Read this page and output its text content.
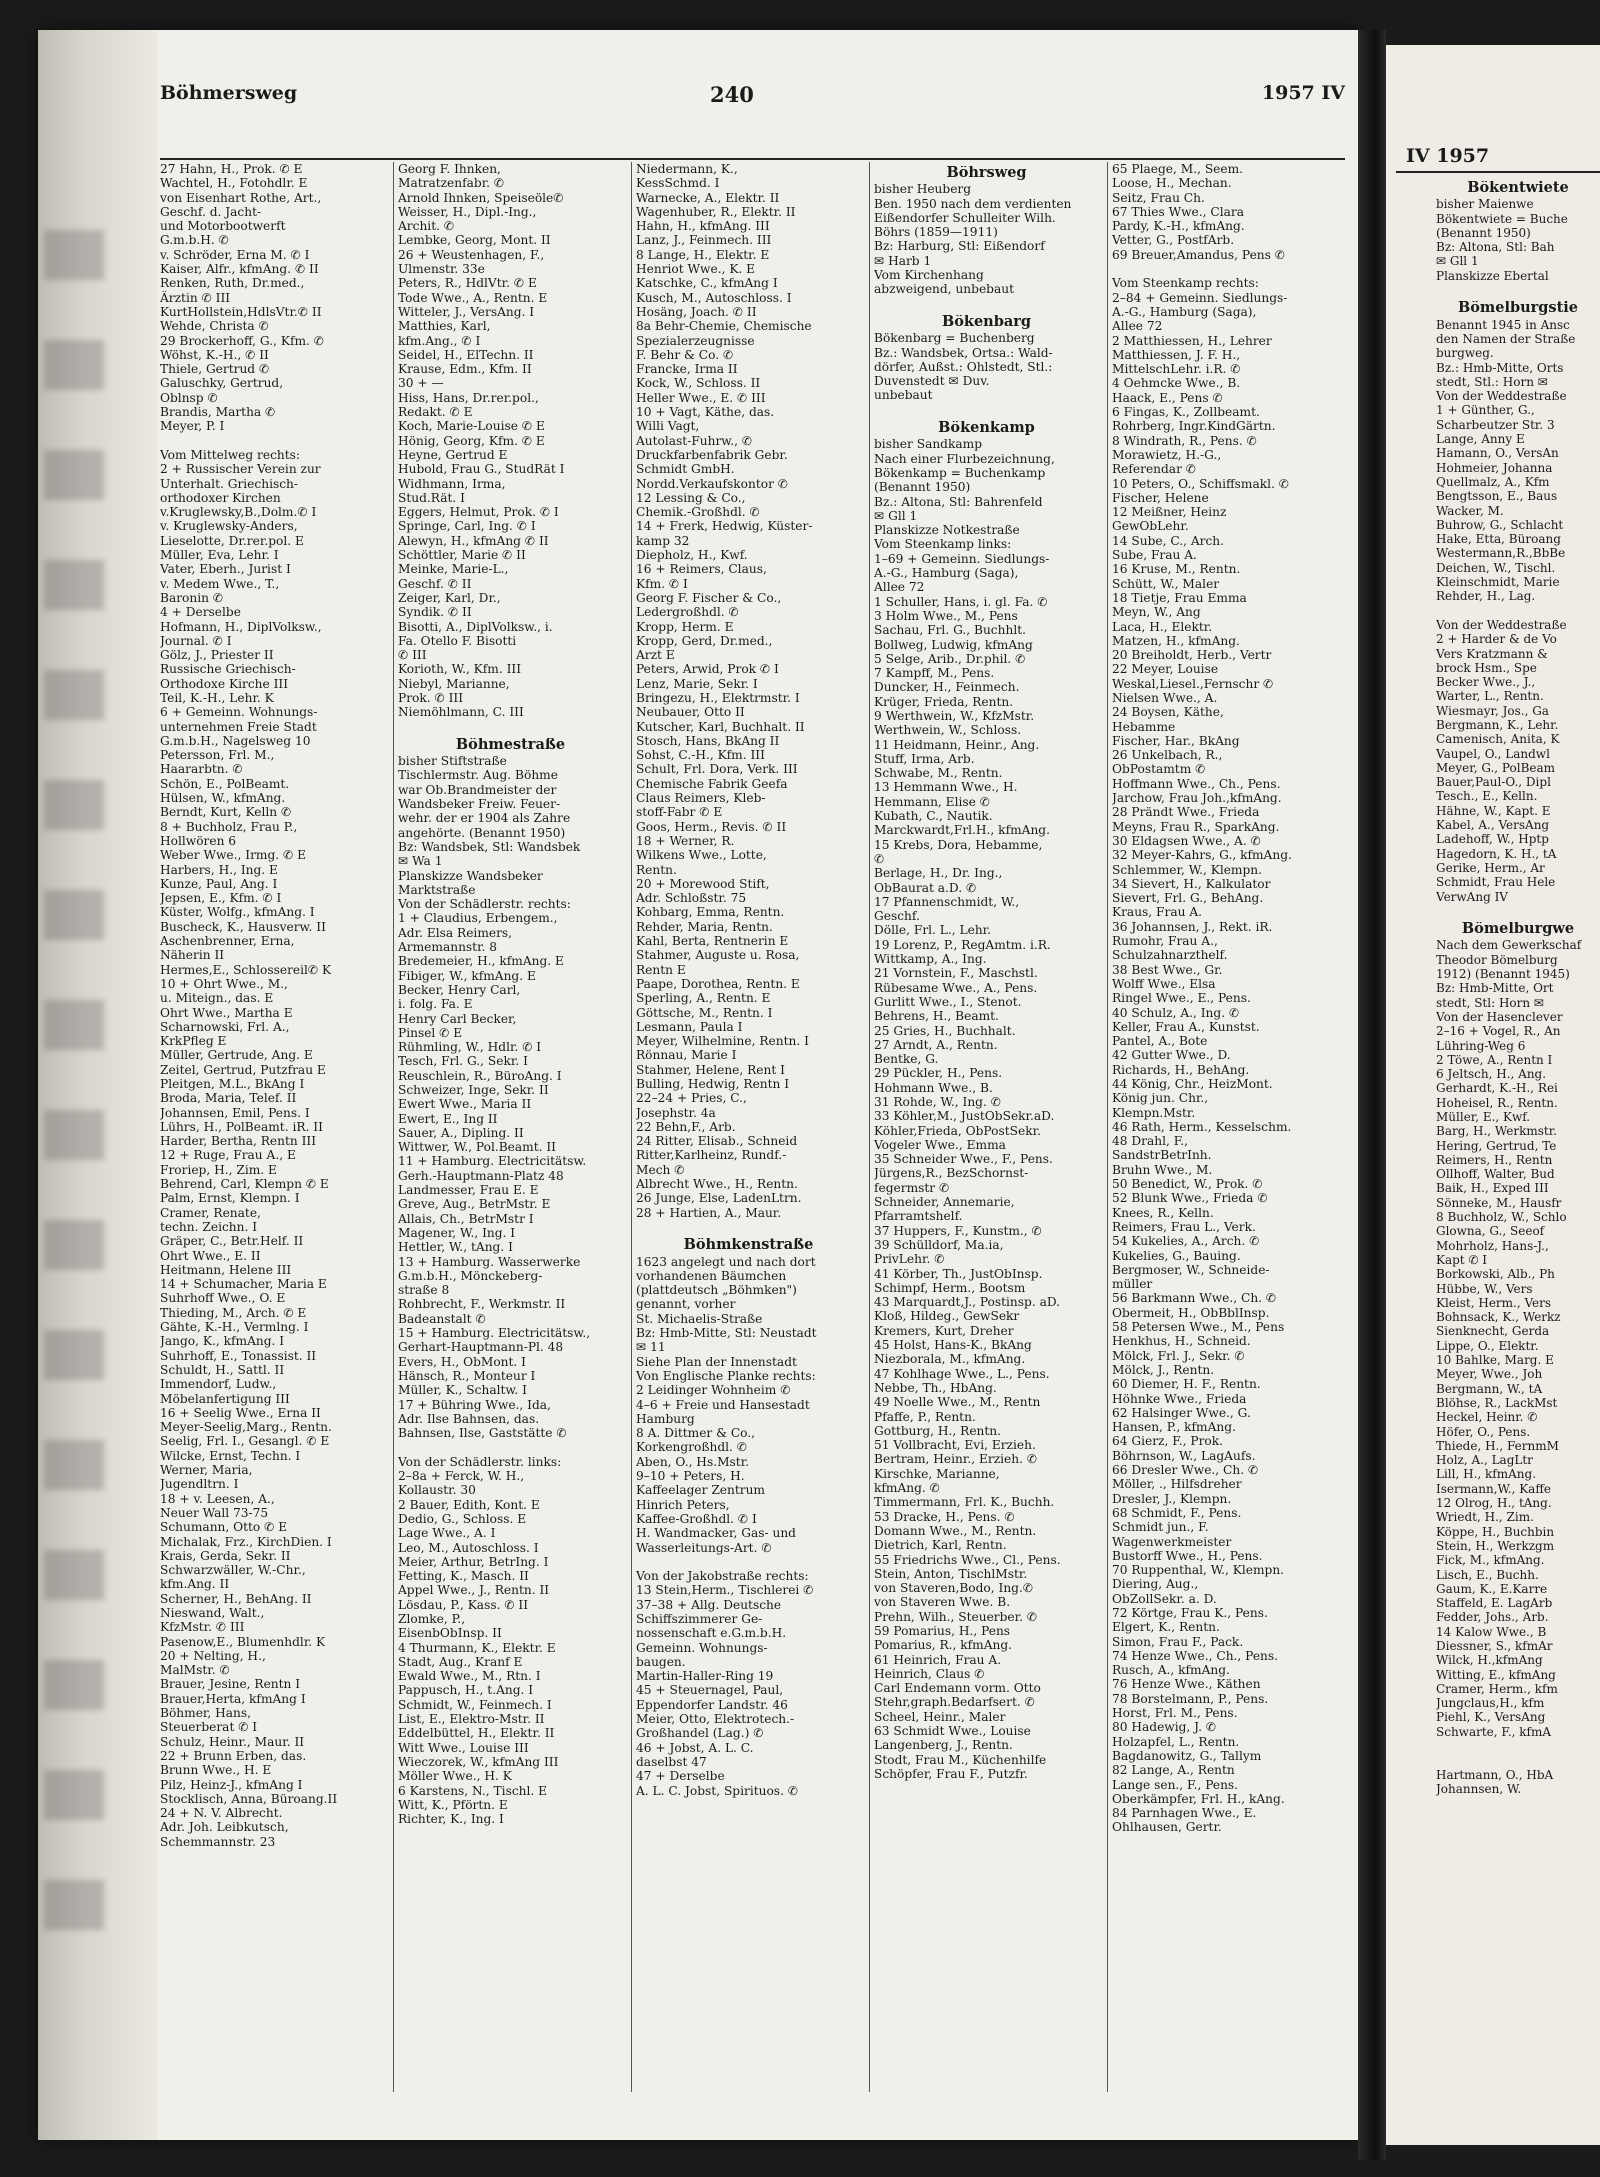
Böhmersweg	240	1957 IV
27 Hahn, H., Prok. ✆ E
Wachtel, H., Fotohdlr. E
von Eisenhart Rothe, Art.,
Geschf. d. Jacht-
und Motorbootwerft
G.m.b.H. ✆
v. Schröder, Erna M. ✆ I
Kaiser, Alfr., kfmAng. ✆ II
Renken, Ruth, Dr.med.,
Ärztin ✆ III
KurtHollstein,HdlsVtr.✆ II
Wehde, Christa ✆
29 Brockerhoff, G., Kfm. ✆
Wöhst, K.-H., ✆ II
Thiele, Gertrud ✆
Galuschky, Gertrud,
Oblnsp ✆
Brandis, Martha ✆
Meyer, P. I

Vom Mittelweg rechts:
2 + Russischer Verein zur
Unterhalt. Griechisch-
orthodoxer Kirchen
v.Kruglewsky,B.,Dolm.✆ I
v. Kruglewsky-Anders,
Lieselotte, Dr.rer.pol. E
Müller, Eva, Lehr. I
Vater, Eberh., Jurist I
v. Medem Wwe., T.,
Baronin ✆
4 + Derselbe
Hofmann, H., DiplVolksw.,
Journal. ✆ I
Gölz, J., Priester II
Russische Griechisch-
Orthodoxe Kirche III
Teil, K.-H., Lehr. K
6 + Gemeinn. Wohnungs-
unternehmen Freie Stadt
G.m.b.H., Nagelsweg 10
Petersson, Frl. M.,
Haararbtn. ✆
Schön, E., PolBeamt.
Hülsen, W., kfmAng.
Berndt, Kurt, Kelln ✆
8 + Buchholz, Frau P.,
Hollwören 6
Weber Wwe., Irmg. ✆ E
Harbers, H., Ing. E
Kunze, Paul, Ang. I
Jepsen, E., Kfm. ✆ I
Küster, Wolfg., kfmAng. I
Buscheck, K., Hausverw. II
Aschenbrenner, Erna,
Näherin II
Hermes,E., Schlossereil✆ K
10 + Ohrt Wwe., M.,
u. Miteign., das. E
Ohrt Wwe., Martha E
Scharnowski, Frl. A.,
KrkPfleg E
Müller, Gertrude, Ang. E
Zeitel, Gertrud, Putzfrau E
Pleitgen, M.L., BkAng I
Broda, Maria, Telef. II
Johannsen, Emil, Pens. I
Lührs, H., PolBeamt. iR. II
Harder, Bertha, Rentn III
12 + Ruge, Frau A., E
Froriep, H., Zim. E
Behrend, Carl, Klempn ✆ E
Palm, Ernst, Klempn. I
Cramer, Renate,
techn. Zeichn. I
Gräper, C., Betr.Helf. II
Ohrt Wwe., E. II
Heitmann, Helene III
14 + Schumacher, Maria E
Suhrhoff Wwe., O. E
Thieding, M., Arch. ✆ E
Gähte, K.-H., Vermlng. I
Jango, K., kfmAng. I
Suhrhoff, E., Tonassist. II
Schuldt, H., Sattl. II
Immendorf, Ludw.,
Möbelanfertigung III
16 + Seelig Wwe., Erna II
Meyer-Seelig,Marg., Rentn.
Seelig, Frl. I., Gesangl. ✆ E
Wilcke, Ernst, Techn. I
Werner, Maria,
Jugendltrn. I
18 + v. Leesen, A.,
Neuer Wall 73-75
Schumann, Otto ✆ E
Michalak, Frz., KirchDien. I
Krais, Gerda, Sekr. II
Schwarzwäller, W.-Chr.,
kfm.Ang. II
Scherner, H., BehAng. II
Nieswand, Walt.,
KfzMstr. ✆ III
Pasenow,E., Blumenhdlr. K
20 + Nelting, H.,
MalMstr. ✆
Brauer, Jesine, Rentn I
Brauer,Herta, kfmAng I
Böhmer, Hans,
Steuerberat ✆ I
Schulz, Heinr., Maur. II
22 + Brunn Erben, das.
Brunn Wwe., H. E
Pilz, Heinz-J., kfmAng I
Stocklisch, Anna, Büroang.II
24 + N. V. Albrecht.
Adr. Joh. Leibkutsch,
Schemmannstr. 23
Georg F. Ihnken,
Matratzenfabr. ✆
Arnold Ihnken, Speiseöle✆
Weisser, H., Dipl.-Ing.,
Archit. ✆
Lembke, Georg, Mont. II
26 + Weustenhagen, F.,
Ulmenstr. 33e
Peters, R., HdlVtr. ✆ E
Tode Wwe., A., Rentn. E
Witteler, J., VersAng. I
Matthies, Karl,
kfm.Ang., ✆ I
Seidel, H., ElTechn. II
Krause, Edm., Kfm. II
30 + —
Hiss, Hans, Dr.rer.pol.,
Redakt. ✆ E
Koch, Marie-Louise ✆ E
Hönig, Georg, Kfm. ✆ E
Heyne, Gertrud E
Hubold, Frau G., StudRät I
Widhmann, Irma,
Stud.Rät. I
Eggers, Helmut, Prok. ✆ I
Springe, Carl, Ing. ✆ I
Alewyn, H., kfmAng ✆ II
Schöttler, Marie ✆ II
Meinke, Marie-L.,
Geschf. ✆ II
Zeiger, Karl, Dr.,
Syndik. ✆ II
Bisotti, A., DiplVolksw., i.
Fa. Otello F. Bisotti
✆ III
Korioth, W., Kfm. III
Niebyl, Marianne,
Prok. ✆ III
Niemöhlmann, C. III

Böhmestraße
bisher Stiftstraße
Tischlermstr. Aug. Böhme
war Ob.Brandmeister der
Wandsbeker Freiw. Feuer-
wehr. der er 1904 als Zahre
angehörte. (Benannt 1950)
Bz: Wandsbek, Stl: Wandsbek
✉ Wa 1
Planskizze Wandsbeker
Marktstraße
Von der Schädlerstr. rechts:
1 + Claudius, Erbengem.,
Adr. Elsa Reimers,
Armemannstr. 8
Bredemeier, H., kfmAng. E
Fibiger, W., kfmAng. E
Becker, Henry Carl,
i. folg. Fa. E
Henry Carl Becker,
Pinsel ✆ E
Rühmling, W., Hdlr. ✆ I
Tesch, Frl. G., Sekr. I
Reuschlein, R., BüroAng. I
Schweizer, Inge, Sekr. II
Ewert Wwe., Maria II
Ewert, E., Ing II
Sauer, A., Dipling. II
Wittwer, W., Pol.Beamt. II
11 + Hamburg. Electricitätsw.
Gerh.-Hauptmann-Platz 48
Landmesser, Frau E. E
Greve, Aug., BetrMstr. E
Allais, Ch., BetrMstr I
Magener, W., Ing. I
Hettler, W., tAng. I
13 + Hamburg. Wasserwerke
G.m.b.H., Mönckeberg-
straße 8
Rohbrecht, F., Werkmstr. II
Badeanstalt ✆
15 + Hamburg. Electricitätsw.,
Gerhart-Hauptmann-Pl. 48
Evers, H., ObMont. I
Hänsch, R., Monteur I
Müller, K., Schaltw. I
17 + Bühring Wwe., Ida,
Adr. Ilse Bahnsen, das.
Bahnsen, Ilse, Gaststätte ✆

Von der Schädlerstr. links:
2–8a + Ferck, W. H.,
Kollaustr. 30
2 Bauer, Edith, Kont. E
Dedio, G., Schloss. E
Lage Wwe., A. I
Leo, M., Autoschloss. I
Meier, Arthur, BetrIng. I
Fetting, K., Masch. II
Appel Wwe., J., Rentn. II
Lösdau, P., Kass. ✆ II
Zlomke, P.,
EisenbObInsp. II
4 Thurmann, K., Elektr. E
Stadt, Aug., Kranf E
Ewald Wwe., M., Rtn. I
Pappusch, H., t.Ang. I
Schmidt, W., Feinmech. I
List, E., Elektro-Mstr. II
Eddelbüttel, H., Elektr. II
Witt Wwe., Louise III
Wieczorek, W., kfmAng III
Möller Wwe., H. K
6 Karstens, N., Tischl. E
Witt, K., Pförtn. E
Richter, K., Ing. I
Niedermann, K.,
KessSchmd. I
Warnecke, A., Elektr. II
Wagenhuber, R., Elektr. II
Hahn, H., kfmAng. III
Lanz, J., Feinmech. III
8 Lange, H., Elektr. E
Henriot Wwe., K. E
Katschke, C., kfmAng I
Kusch, M., Autoschloss. I
Hosäng, Joach. ✆ II
8a Behr-Chemie, Chemische
Spezialerzeugnisse
F. Behr & Co. ✆
Francke, Irma II
Kock, W., Schloss. II
Heller Wwe., E. ✆ III
10 + Vagt, Käthe, das.
Willi Vagt,
Autolast-Fuhrw., ✆
Druckfarbenfabrik Gebr.
Schmidt GmbH.
Nordd.Verkaufskontor ✆
12 Lessing & Co.,
Chemik.-Großhdl. ✆
14 + Frerk, Hedwig, Küster-
kamp 32
Diepholz, H., Kwf.
16 + Reimers, Claus,
Kfm. ✆ I
Georg F. Fischer & Co.,
Ledergroßhdl. ✆
Kropp, Herm. E
Kropp, Gerd, Dr.med.,
Arzt E
Peters, Arwid, Prok ✆ I
Lenz, Marie, Sekr. I
Bringezu, H., Elektrmstr. I
Neubauer, Otto II
Kutscher, Karl, Buchhalt. II
Stosch, Hans, BkAng II
Sohst, C.-H., Kfm. III
Schult, Frl. Dora, Verk. III
Chemische Fabrik Geefa
Claus Reimers, Kleb-
stoff-Fabr ✆ E
Goos, Herm., Revis. ✆ II
18 + Werner, R.
Wilkens Wwe., Lotte,
Rentn.
20 + Morewood Stift,
Adr. Schloßstr. 75
Kohbarg, Emma, Rentn.
Rehder, Maria, Rentn.
Kahl, Berta, Rentnerin E
Stahmer, Auguste u. Rosa,
Rentn E
Paape, Dorothea, Rentn. E
Sperling, A., Rentn. E
Göttsche, M., Rentn. I
Lesmann, Paula I
Meyer, Wilhelmine, Rentn. I
Rönnau, Marie I
Stahmer, Helene, Rent I
Bulling, Hedwig, Rentn I
22–24 + Pries, C.,
Josephstr. 4a
22 Behn,F., Arb.
24 Ritter, Elisab., Schneid
Ritter,Karlheinz, Rundf.-
Mech ✆
Albrecht Wwe., H., Rentn.
26 Junge, Else, LadenLtrn.
28 + Hartien, A., Maur.

Böhmkenstraße
1623 angelegt und nach dort
vorhandenen Bäumchen
(plattdeutsch „Böhmken")
genannt, vorher
St. Michaelis-Straße
Bz: Hmb-Mitte, Stl: Neustadt
✉ 11
Siehe Plan der Innenstadt
Von Englische Planke rechts:
2 Leidinger Wohnheim ✆
4–6 + Freie und Hansestadt
Hamburg
8 A. Dittmer & Co.,
Korkengroßhdl. ✆
Aben, O., Hs.Mstr.
9–10 + Peters, H.
Kaffeelager Zentrum
Hinrich Peters,
Kaffee-Großhdl. ✆ I
H. Wandmacker, Gas- und
Wasserleitungs-Art. ✆

Von der Jakobstraße rechts:
13 Stein,Herm., Tischlerei ✆
37–38 + Allg. Deutsche
Schiffszimmerer Ge-
nossenschaft e.G.m.b.H.
Gemeinn. Wohnungs-
baugen.
Martin-Haller-Ring 19
45 + Steuernagel, Paul,
Eppendorfer Landstr. 46
Meier, Otto, Elektrotech.-
Großhandel (Lag.) ✆
46 + Jobst, A. L. C.
daselbst 47
47 + Derselbe
A. L. C. Jobst, Spirituos. ✆
Böhrsweg
bisher Heuberg
Ben. 1950 nach dem verdienten
Eißendorfer Schulleiter Wilh.
Böhrs (1859—1911)
Bz: Harburg, Stl: Eißendorf
✉ Harb 1
Vom Kirchenhang
abzweigend, unbebaut

Bökenbarg
Bökenbarg = Buchenberg
Bz.: Wandsbek, Ortsa.: Wald-
dörfer, Außst.: Ohlstedt, Stl.:
Duvenstedt ✉ Duv.
unbebaut

Bökenkamp
bisher Sandkamp
Nach einer Flurbezeichnung,
Bökenkamp = Buchenkamp
(Benannt 1950)
Bz.: Altona, Stl: Bahrenfeld
✉ Gll 1
Planskizze Notkestraße
Vom Steenkamp links:
1–69 + Gemeinn. Siedlungs-
A.-G., Hamburg (Saga),
Allee 72
1 Schuller, Hans, i. gl. Fa. ✆
3 Holm Wwe., M., Pens
Sachau, Frl. G., Buchhlt.
Bollweg, Ludwig, kfmAng
5 Selge, Arib., Dr.phil. ✆
7 Kampff, M., Pens.
Duncker, H., Feinmech.
Krüger, Frieda, Rentn.
9 Werthwein, W., KfzMstr.
Werthwein, W., Schloss.
11 Heidmann, Heinr., Ang.
Stuff, Irma, Arb.
Schwabe, M., Rentn.
13 Hemmann Wwe., H.
Hemmann, Elise ✆
Kubath, C., Nautik.
Marckwardt,Frl.H., kfmAng.
15 Krebs, Dora, Hebamme,
✆
Berlage, H., Dr. Ing.,
ObBaurat a.D. ✆
17 Pfannenschmidt, W.,
Geschf.
Dölle, Frl. L., Lehr.
19 Lorenz, P., RegAmtm. i.R.
Wittkamp, A., Ing.
21 Vornstein, F., Maschstl.
Rübesame Wwe., A., Pens.
Gurlitt Wwe., I., Stenot.
Behrens, H., Beamt.
25 Gries, H., Buchhalt.
27 Arndt, A., Rentn.
Bentke, G.
29 Pückler, H., Pens.
Hohmann Wwe., B.
31 Rohde, W., Ing. ✆
33 Köhler,M., JustObSekr.aD.
Köhler,Frieda, ObPostSekr.
Vogeler Wwe., Emma
35 Schneider Wwe., F., Pens.
Jürgens,R., BezSchornst-
fegermstr ✆
Schneider, Annemarie,
Pfarramtshelf.
37 Huppers, F., Kunstm., ✆
39 Schülldorf, Ma.ia,
PrivLehr. ✆
41 Körber, Th., JustObInsp.
Schimpf, Herm., Bootsm
43 Marquardt,J., Postinsp. aD.
Kloß, Hildeg., GewSekr
Kremers, Kurt, Dreher
45 Holst, Hans-K., BkAng
Niezborala, M., kfmAng.
47 Kohlhage Wwe., L., Pens.
Nebbe, Th., HbAng.
49 Noelle Wwe., M., Rentn
Pfaffe, P., Rentn.
Gottburg, H., Rentn.
51 Vollbracht, Evi, Erzieh.
Bertram, Heinr., Erzieh. ✆
Kirschke, Marianne,
kfmAng. ✆
Timmermann, Frl. K., Buchh.
53 Dracke, H., Pens. ✆
Domann Wwe., M., Rentn.
Dietrich, Karl, Rentn.
55 Friedrichs Wwe., Cl., Pens.
Stein, Anton, TischlMstr.
von Staveren,Bodo, Ing.✆
von Staveren Wwe. B.
Prehn, Wilh., Steuerber. ✆
59 Pomarius, H., Pens
Pomarius, R., kfmAng.
61 Heinrich, Frau A.
Heinrich, Claus ✆
Carl Endemann vorm. Otto
Stehr,graph.Bedarfsert. ✆
Scheel, Heinr., Maler
63 Schmidt Wwe., Louise
Langenberg, J., Rentn.
Stodt, Frau M., Küchenhilfe
Schöpfer, Frau F., Putzfr.
65 Plaege, M., Seem.
Loose, H., Mechan.
Seitz, Frau Ch.
67 Thies Wwe., Clara
Pardy, K.-H., kfmAng.
Vetter, G., PostfArb.
69 Breuer,Amandus, Pens ✆

Vom Steenkamp rechts:
2–84 + Gemeinn. Siedlungs-
A.-G., Hamburg (Saga),
Allee 72
2 Matthiessen, H., Lehrer
Matthiessen, J. F. H.,
MittelschLehr. i.R. ✆
4 Oehmcke Wwe., B.
Haack, E., Pens ✆
6 Fingas, K., Zollbeamt.
Rohrberg, Ingr.KindGärtn.
8 Windrath, R., Pens. ✆
Morawietz, H.-G.,
Referendar ✆
10 Peters, O., Schiffsmakl. ✆
Fischer, Helene
12 Meißner, Heinz
GewObLehr.
14 Sube, C., Arch.
Sube, Frau A.
16 Kruse, M., Rentn.
Schütt, W., Maler
18 Tietje, Frau Emma
Meyn, W., Ang
Laca, H., Elektr.
Matzen, H., kfmAng.
20 Breiholdt, Herb., Vertr
22 Meyer, Louise
Weskal,Liesel.,Fernschr ✆
Nielsen Wwe., A.
24 Boysen, Käthe,
Hebamme
Fischer, Har., BkAng
26 Unkelbach, R.,
ObPostamtm ✆
Hoffmann Wwe., Ch., Pens.
Jarchow, Frau Joh.,kfmAng.
28 Prändt Wwe., Frieda
Meyns, Frau R., SparkAng.
30 Eldagsen Wwe., A. ✆
32 Meyer-Kahrs, G., kfmAng.
Schlemmer, W., Klempn.
34 Sievert, H., Kalkulator
Sievert, Frl. G., BehAng.
Kraus, Frau A.
36 Johannsen, J., Rekt. iR.
Rumohr, Frau A.,
Schulzahnarzthelf.
38 Best Wwe., Gr.
Wolff Wwe., Elsa
Ringel Wwe., E., Pens.
40 Schulz, A., Ing. ✆
Keller, Frau A., Kunstst.
Pantel, A., Bote
42 Gutter Wwe., D.
Richards, H., BehAng.
44 König, Chr., HeizMont.
König jun. Chr.,
Klempn.Mstr.
46 Rath, Herm., Kesselschm.
48 Drahl, F.,
SandstrBetrInh.
Bruhn Wwe., M.
50 Benedict, W., Prok. ✆
52 Blunk Wwe., Frieda ✆
Knees, R., Kelln.
Reimers, Frau L., Verk.
54 Kukelies, A., Arch. ✆
Kukelies, G., Bauing.
Bergmoser, W., Schneide-
müller
56 Barkmann Wwe., Ch. ✆
Obermeit, H., ObBblInsp.
58 Petersen Wwe., M., Pens
Henkhus, H., Schneid.
Mölck, Frl. J., Sekr. ✆
Mölck, J., Rentn.
60 Diemer, H. F., Rentn.
Höhnke Wwe., Frieda
62 Halsinger Wwe., G.
Hansen, P., kfmAng.
64 Gierz, F., Prok.
Böhrnson, W., LagAufs.
66 Dresler Wwe., Ch. ✆
Möller, ., Hilfsdreher
Dresler, J., Klempn.
68 Schmidt, F., Pens.
Schmidt jun., F.
Wagenwerkmeister
Bustorff Wwe., H., Pens.
70 Ruppenthal, W., Klempn.
Diering, Aug.,
ObZollSekr. a. D.
72 Körtge, Frau K., Pens.
Elgert, K., Rentn.
Simon, Frau F., Pack.
74 Henze Wwe., Ch., Pens.
Rusch, A., kfmAng.
76 Henze Wwe., Käthen
78 Borstelmann, P., Pens.
Horst, Frl. M., Pens.
80 Hadewig, J. ✆
Holzapfel, L., Rentn.
Bagdanowitz, G., Tallym
82 Lange, A., Rentn
Lange sen., F., Pens.
Oberkämpfer, Frl. H., kAng.
84 Parnhagen Wwe., E.
Ohlhausen, Gertr.
IV 1957
Bökentwiete
bisher Maienwe
Bökentwiete = Buche
(Benannt 1950)
Bz: Altona, Stl: Bah
✉ Gll 1
Planskizze Ebertal

Bömelburgstie
Benannt 1945 in Ansc
den Namen der Straße
burgweg.
Bz.: Hmb-Mitte, Orts
stedt, Stl.: Horn ✉
Von der Weddestraße
1 + Günther, G.,
Scharbeutzer Str. 3
Lange, Anny E
Hamann, O., VersAn
Hohmeier, Johanna
Quellmalz, A., Kfm
Bengtsson, E., Baus
Wacker, M.
Buhrow, G., Schlacht
Hake, Etta, Büroang
Westermann,R.,BbBe
Deichen, W., Tischl.
Kleinschmidt, Marie
Rehder, H., Lag.

Von der Weddestraße
2 + Harder & de Vo
Vers Kratzmann &
brock Hsm., Spe
Becker Wwe., J.,
Warter, L., Rentn.
Wiesmayr, Jos., Ga
Bergmann, K., Lehr.
Camenisch, Anita, K
Vaupel, O., Landwl
Meyer, G., PolBeam
Bauer,Paul-O., Dipl
Tesch., E., Kelln.
Hähne, W., Kapt. E
Kabel, A., VersAng
Ladehoff, W., Hptp
Hagedorn, K. H., tA
Gerike, Herm., Ar
Schmidt, Frau Hele
VerwAng IV

Bömelburgwe
Nach dem Gewerkschaf
Theodor Bömelburg
1912) (Benannt 1945)
Bz: Hmb-Mitte, Ort
stedt, Stl: Horn ✉
Von der Hasenclever
2–16 + Vogel, R., An
Lühring-Weg 6
2 Töwe, A., Rentn I
6 Jeltsch, H., Ang.
Gerhardt, K.-H., Rei
Hoheisel, R., Rentn.
Müller, E., Kwf.
Barg, H., Werkmstr.
Hering, Gertrud, Te
Reimers, H., Rentn
Ollhoff, Walter, Bud
Baik, H., Exped III
Sönneke, M., Hausfr
8 Buchholz, W., Schlo
Glowna, G., Seeof
Mohrholz, Hans-J.,
Kapt ✆ I
Borkowski, Alb., Ph
Hübbe, W., Vers
Kleist, Herm., Vers
Bohnsack, K., Werkz
Sienknecht, Gerda
Lippe, O., Elektr.
10 Bahlke, Marg. E
Meyer, Wwe., Joh
Bergmann, W., tA
Blöhse, R., LackMst
Heckel, Heinr. ✆
Höfer, O., Pens.
Thiede, H., FernmM
Holz, A., LagLtr
Lill, H., kfmAng.
Isermann,W., Kaffe
12 Olrog, H., tAng.
Wriedt, H., Zim.
Köppe, H., Buchbin
Stein, H., Werkzgm
Fick, M., kfmAng.
Lisch, E., Buchh.
Gaum, K., E.Karre
Staffeld, E. LagArb
Fedder, Johs., Arb.
14 Kalow Wwe., B
Diessner, S., kfmAr
Wilck, H.,kfmAng
Witting, E., kfmAng
Cramer, Herm., kfm
Jungclaus,H., kfm
Piehl, K., VersAng
Schwarte, F., kfmA

Hartmann, O., HbA
Johannsen, W.
